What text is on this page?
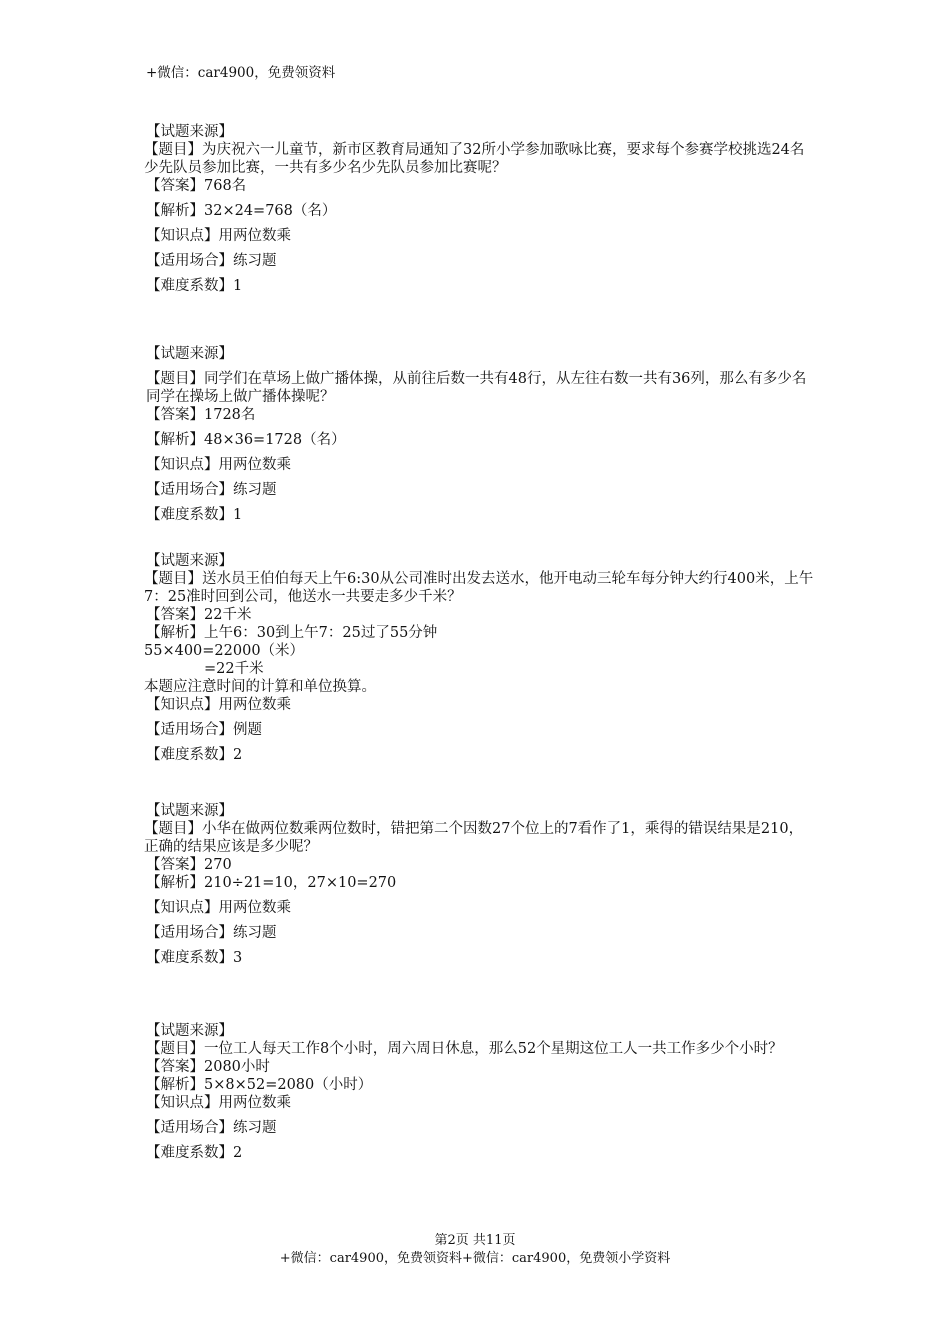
+微信：car4900，免费领资料
【试题来源】
【题目】为庆祝六一儿童节，新市区教育局通知了32所小学参加歌咏比赛，要求每个参赛学校挑选24名少先队员参加比赛，一共有多少名少先队员参加比赛呢？
【答案】768名
【解析】32×24=768（名）
【知识点】用两位数乘
【适用场合】练习题
【难度系数】1
【试题来源】
【题目】同学们在草场上做广播体操，从前往后数一共有48行，从左往右数一共有36列，那么有多少名同学在操场上做广播体操呢？
【答案】1728名
【解析】48×36=1728（名）
【知识点】用两位数乘
【适用场合】练习题
【难度系数】1
【试题来源】
【题目】送水员王伯伯每天上午6:30从公司准时出发去送水，他开电动三轮车每分钟大约行400米，上午7：25准时回到公司，他送水一共要走多少千米？
【答案】22千米
【解析】上午6：30到上午7：25过了55分钟
55×400=22000（米）
=22千米
本题应注意时间的计算和单位换算。
【知识点】用两位数乘
【适用场合】例题
【难度系数】2
【试题来源】
【题目】小华在做两位数乘两位数时，错把第二个因数27个位上的7看作了1，乘得的错误结果是210，正确的结果应该是多少呢？
【答案】270
【解析】210÷21=10，27×10=270
【知识点】用两位数乘
【适用场合】练习题
【难度系数】3
【试题来源】
【题目】一位工人每天工作8个小时，周六周日休息，那么52个星期这位工人一共工作多少个小时？
【答案】2080小时
【解析】5×8×52=2080（小时）
【知识点】用两位数乘
【适用场合】练习题
【难度系数】2
第2页 共11页
+微信：car4900，免费领资料+微信：car4900，免费领小学资料
